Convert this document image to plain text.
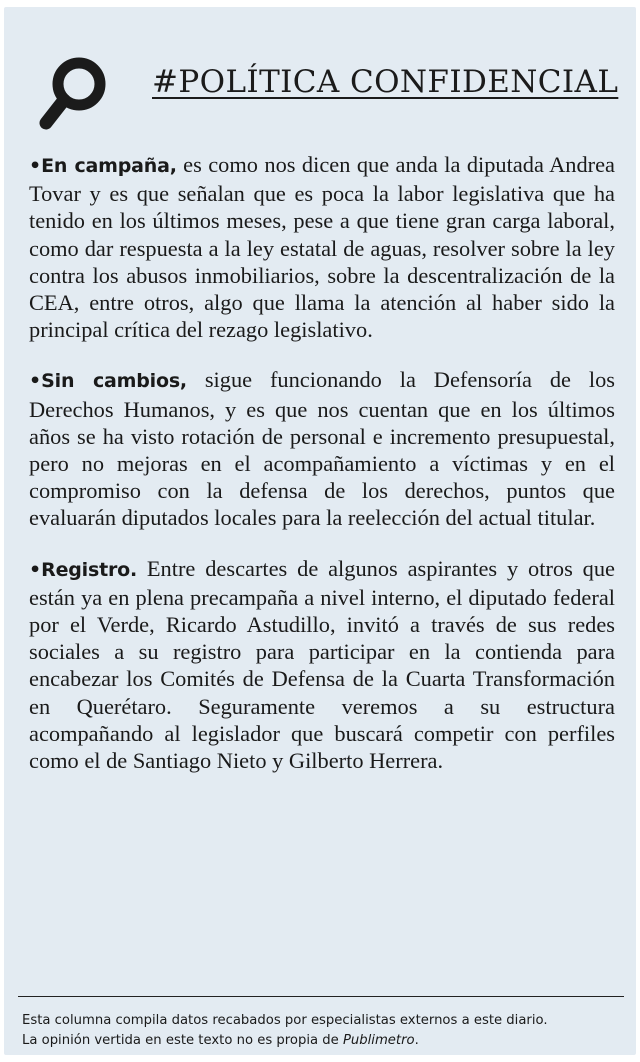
#POLÍTICA CONFIDENCIAL

•En campaña, es como nos dicen que anda la diputada Andrea Tovar y es que señalan que es poca la labor legislativa que ha tenido en los últimos meses, pese a que tiene gran carga laboral, como dar respuesta a la ley estatal de aguas, resolver sobre la ley contra los abusos inmobiliarios, sobre la descentralización de la CEA, entre otros, algo que llama la atención al haber sido la principal crítica del rezago legislativo.

•Sin cambios, sigue funcionando la Defensoría de los Derechos Humanos, y es que nos cuentan que en los últimos años se ha visto rotación de personal e incremento presupuestal, pero no mejoras en el acompañamiento a víctimas y en el compromiso con la defensa de los derechos, puntos que evaluarán diputados locales para la reelección del actual titular.

•Registro. Entre descartes de algunos aspirantes y otros que están ya en plena precampaña a nivel interno, el diputado federal por el Verde, Ricardo Astudillo, invitó a través de sus redes sociales a su registro para participar en la contienda para encabezar los Comités de Defensa de la Cuarta Transformación en Querétaro. Seguramente veremos a su estructura acompañando al legislador que buscará competir con perfiles como el de Santiago Nieto y Gilberto Herrera.

Esta columna compila datos recabados por especialistas externos a este diario.
La opinión vertida en este texto no es propia de Publimetro.
